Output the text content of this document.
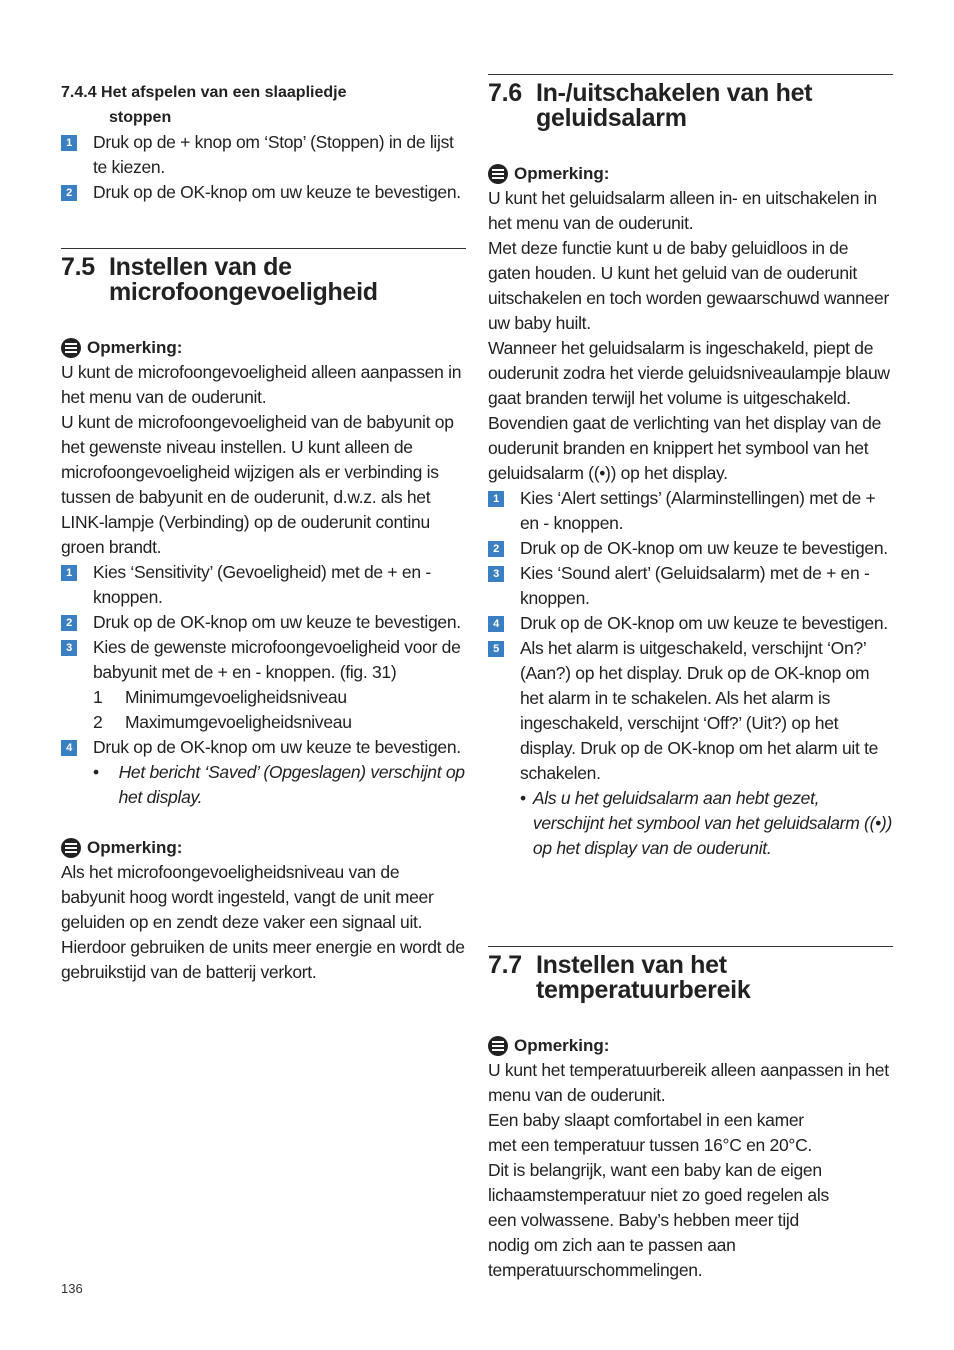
7.4.4 Het afspelen van een slaapliedje
stoppen

1 Druk op de + knop om ‘Stop’ (Stoppen) in de lijst te kiezen.
2 Druk op de OK-knop om uw keuze te bevestigen.
7.5 Instellen van de
microfoongevoeligheid

Opmerking:

U kunt de microfoongevoeligheid alleen aanpassen in het menu van de ouderunit.

U kunt de microfoongevoeligheid van de babyunit op het gewenste niveau instellen. U kunt alleen de microfoongevoeligheid wijzigen als er verbinding is tussen de babyunit en de ouderunit, d.w.z. als het LINK-lampje (Verbinding) op de ouderunit continu groen brandt.

1 Kies ‘Sensitivity’ (Gevoeligheid) met de + en - knoppen.
2 Druk op de OK-knop om uw keuze te bevestigen.
3 Kies de gewenste microfoongevoeligheid voor de babyunit met de + en - knoppen. (fig. 31)
1	Minimumgevoeligheidsniveau
2	Maximumgevoeligheidsniveau
4 Druk op de OK-knop om uw keuze te bevestigen.
•	Het bericht ‘Saved’ (Opgeslagen) verschijnt op het display.

Opmerking:

Als het microfoongevoeligheidsniveau van de babyunit hoog wordt ingesteld, vangt de unit meer geluiden op en zendt deze vaker een signaal uit. Hierdoor gebruiken de units meer energie en wordt de gebruikstijd van de batterij verkort.

7.6 In-/uitschakelen van het
geluidsalarm

Opmerking:

U kunt het geluidsalarm alleen in- en uitschakelen in het menu van de ouderunit.

Met deze functie kunt u de baby geluidloos in de gaten houden. U kunt het geluid van de ouderunit uitschakelen en toch worden gewaarschuwd wanneer uw baby huilt.

Wanneer het geluidsalarm is ingeschakeld, piept de ouderunit zodra het vierde geluidsniveaulampje blauw gaat branden terwijl het volume is uitgeschakeld. Bovendien gaat de verlichting van het display van de ouderunit branden en knippert het symbool van het geluidsalarm ((•)) op het display.

1 Kies ‘Alert settings’ (Alarminstellingen) met de + en - knoppen.
2 Druk op de OK-knop om uw keuze te bevestigen.
3 Kies ‘Sound alert’ (Geluidsalarm) met de + en - knoppen.
4 Druk op de OK-knop om uw keuze te bevestigen.
5 Als het alarm is uitgeschakeld, verschijnt ‘On?’ (Aan?) op het display. Druk op de OK-knop om het alarm in te schakelen. Als het alarm is ingeschakeld, verschijnt ‘Off?’ (Uit?) op het display. Druk op de OK-knop om het alarm uit te schakelen.
• Als u het geluidsalarm aan hebt gezet, verschijnt het symbool van het geluidsalarm ((•)) op het display van de ouderunit.
7.7 Instellen van het
temperatuurbereik

Opmerking:

U kunt het temperatuurbereik alleen aanpassen in het menu van de ouderunit.

Een baby slaapt comfortabel in een kamer met een temperatuur tussen 16°C en 20°C. Dit is belangrijk, want een baby kan de eigen lichaamstemperatuur niet zo goed regelen als een volwassene. Baby’s hebben meer tijd nodig om zich aan te passen aan temperatuurschommelingen.

136
